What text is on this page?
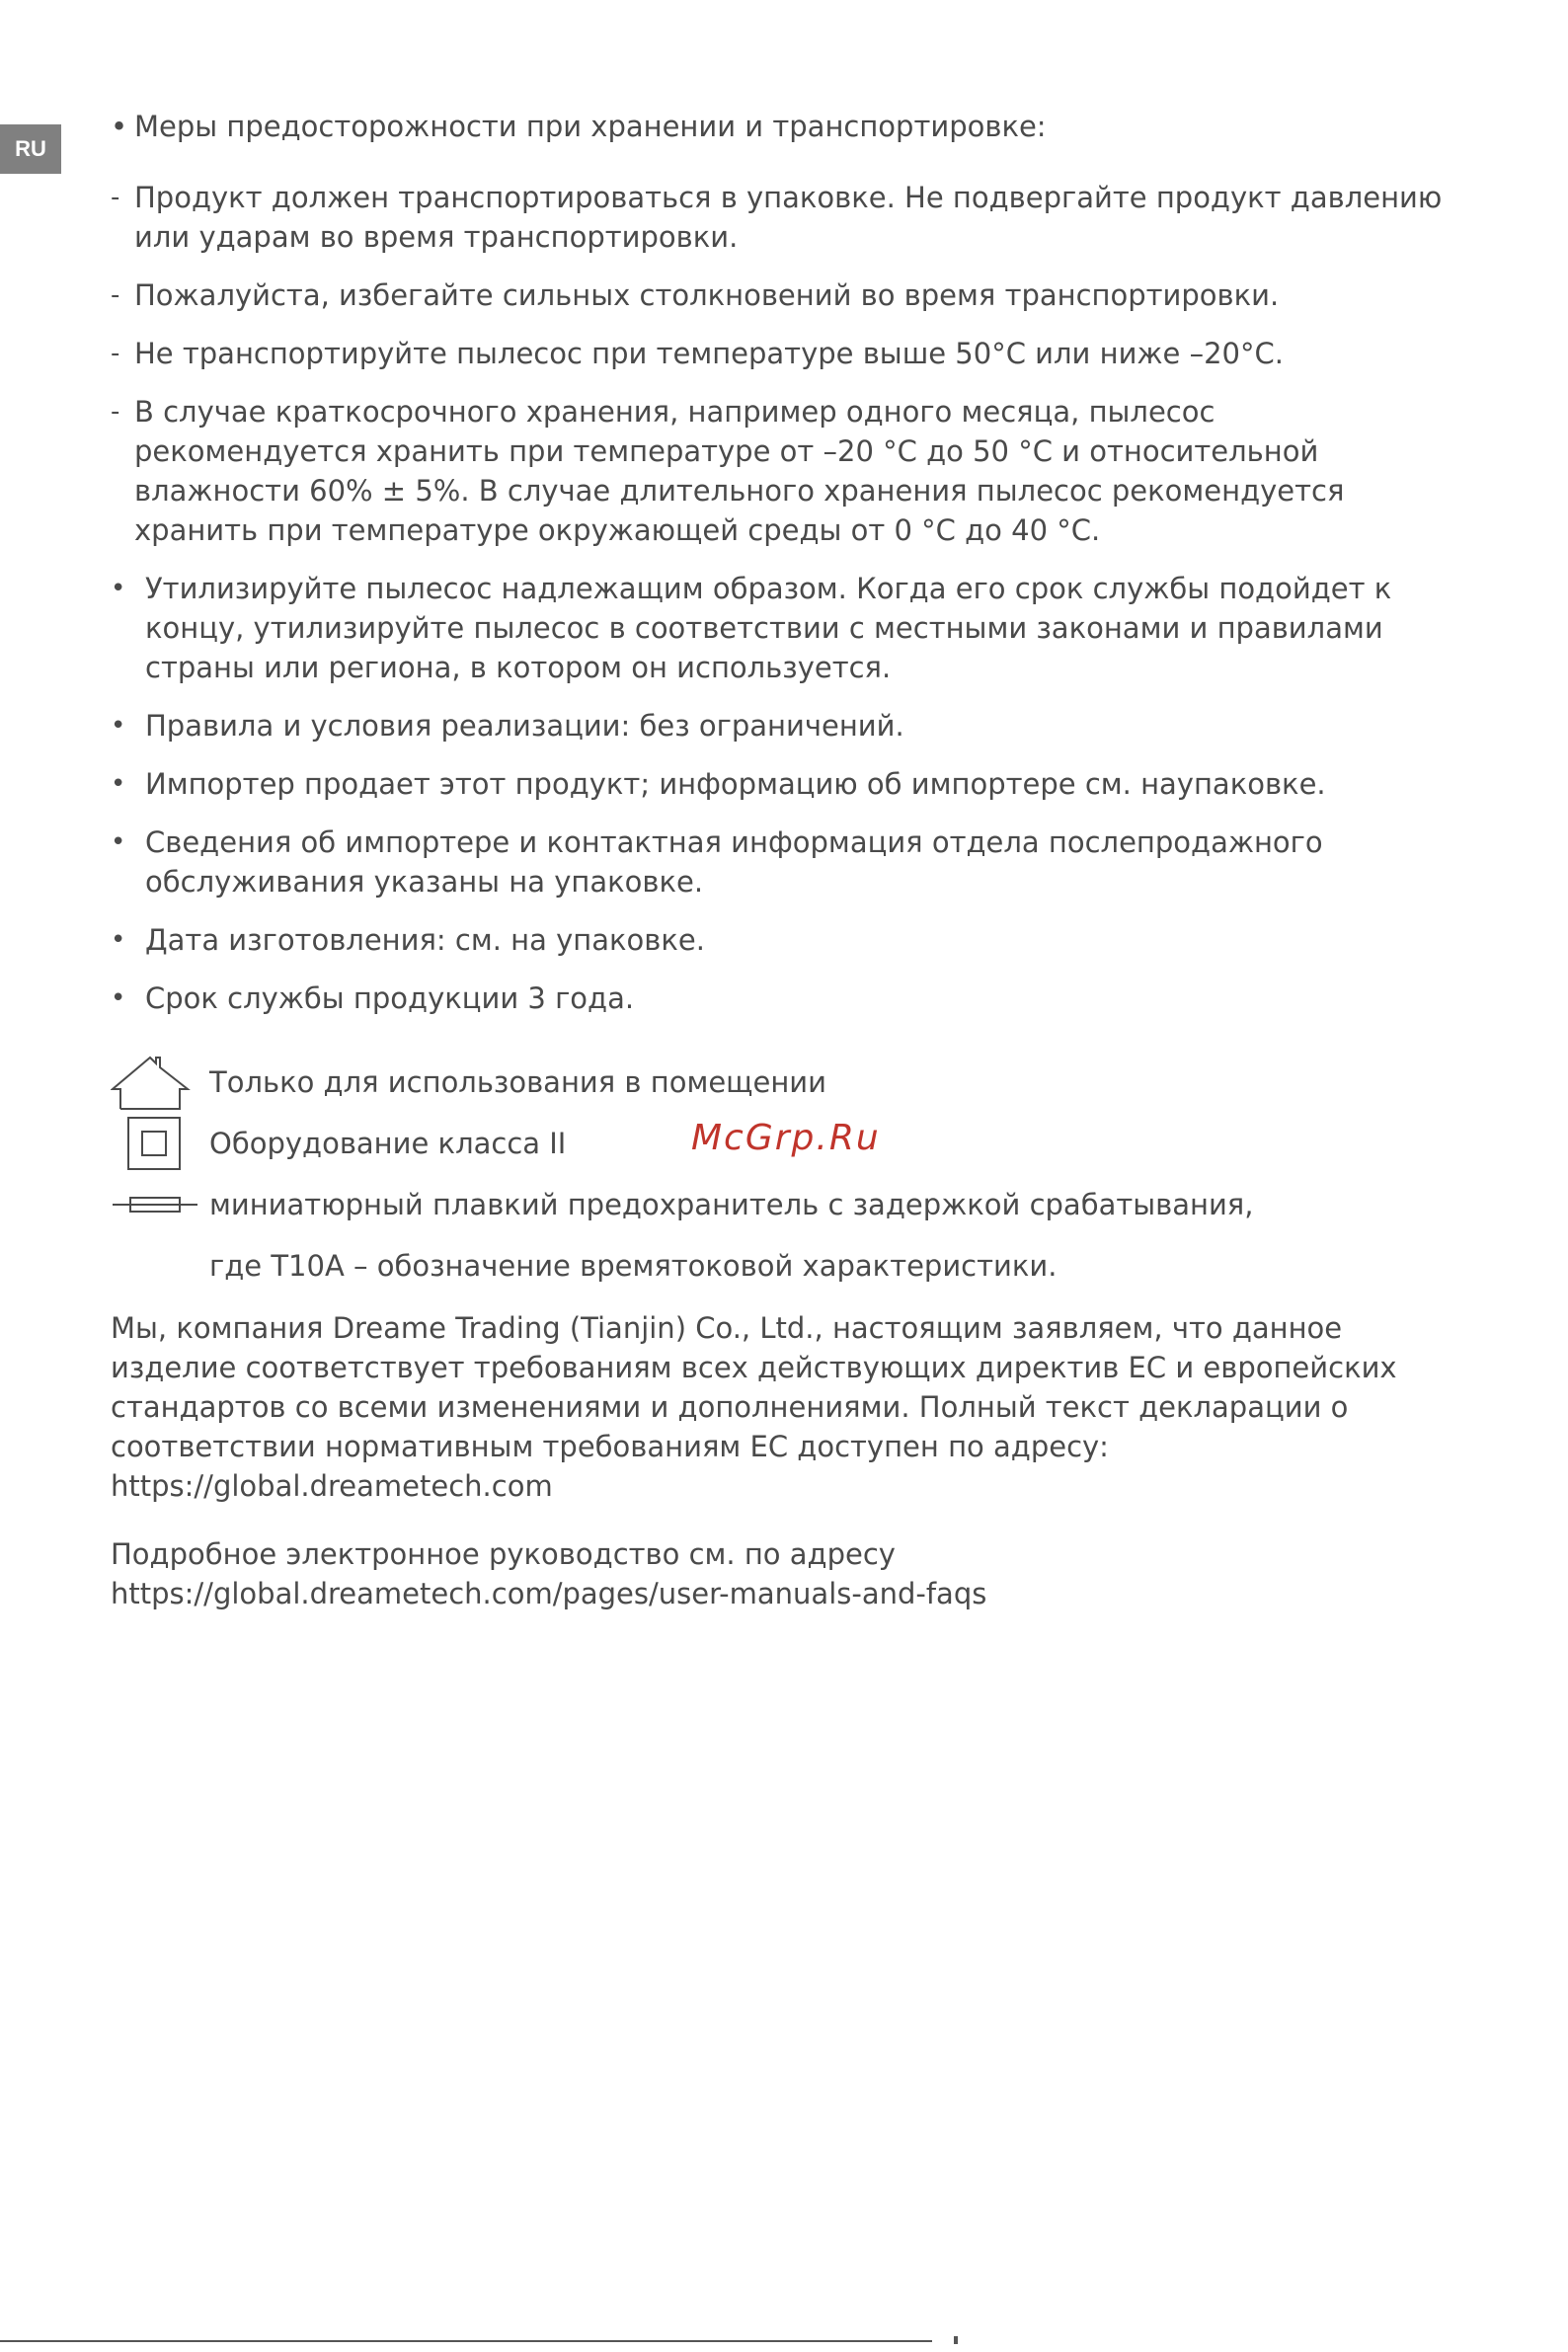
RU

• Меры предосторожности при хранении и транспортировке:

- Продукт должен транспортироваться в упаковке. Не подвергайте продукт давлению или ударам во время транспортировки.

- Пожалуйста, избегайте сильных столкновений во время транспортировки.

- Не транспортируйте пылесос при температуре выше 50°C или ниже –20°C.

- В случае краткосрочного хранения, например одного месяца, пылесос рекомендуется хранить при температуре от –20 °С до 50 °С и относительной влажности 60% ± 5%. В случае длительного хранения пылесос рекомендуется хранить при температуре окружающей среды от 0 °С до 40 °С.

• Утилизируйте пылесос надлежащим образом. Когда его срок службы подойдет к концу, утилизируйте пылесос в соответствии с местными законами и правилами страны или региона, в котором он используется.

• Правила и условия реализации: без ограничений.

• Импортер продает этот продукт; информацию об импортере см. наупаковке.

• Сведения об импортере и контактная информация отдела послепродажного обслуживания указаны на упаковке.

• Дата изготовления: см. на упаковке.

• Срок службы продукции 3 года.

Только для использования в помещении
Оборудование класса II	McGrp.Ru
миниатюрный плавкий предохранитель с задержкой срабатывания,
где T10A – обозначение времятоковой характеристики.

Мы, компания Dreame Trading (Tianjin) Co., Ltd., настоящим заявляем, что данное изделие соответствует требованиям всех действующих директив ЕС и европейских стандартов со всеми изменениями и дополнениями. Полный текст декларации о соответствии нормативным требованиям ЕС доступен по адресу: https://global.dreametech.com

Подробное электронное руководство см. по адресу https://global.dreametech.com/pages/user-manuals-and-faqs
